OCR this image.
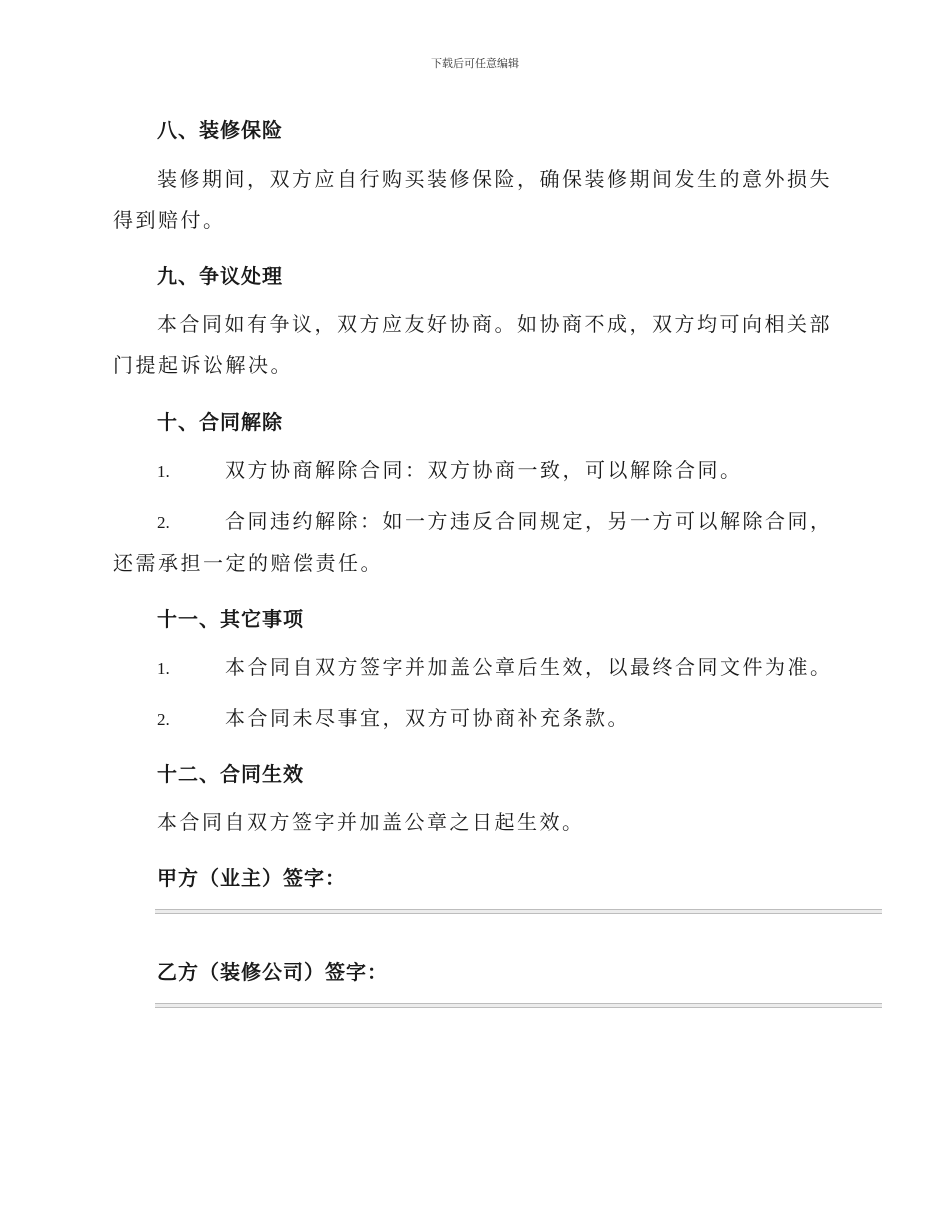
下载后可任意编辑
八、装修保险
装修期间，双方应自行购买装修保险，确保装修期间发生的意外损失得到赔付。
九、争议处理
本合同如有争议，双方应友好协商。如协商不成，双方均可向相关部门提起诉讼解决。
十、合同解除
1.	双方协商解除合同：双方协商一致，可以解除合同。
2.	合同违约解除：如一方违反合同规定，另一方可以解除合同，还需承担一定的赔偿责任。
十一、其它事项
1.	本合同自双方签字并加盖公章后生效，以最终合同文件为准。
2.	本合同未尽事宜，双方可协商补充条款。
十二、合同生效
本合同自双方签字并加盖公章之日起生效。
甲方（业主）签字：
乙方（装修公司）签字：
